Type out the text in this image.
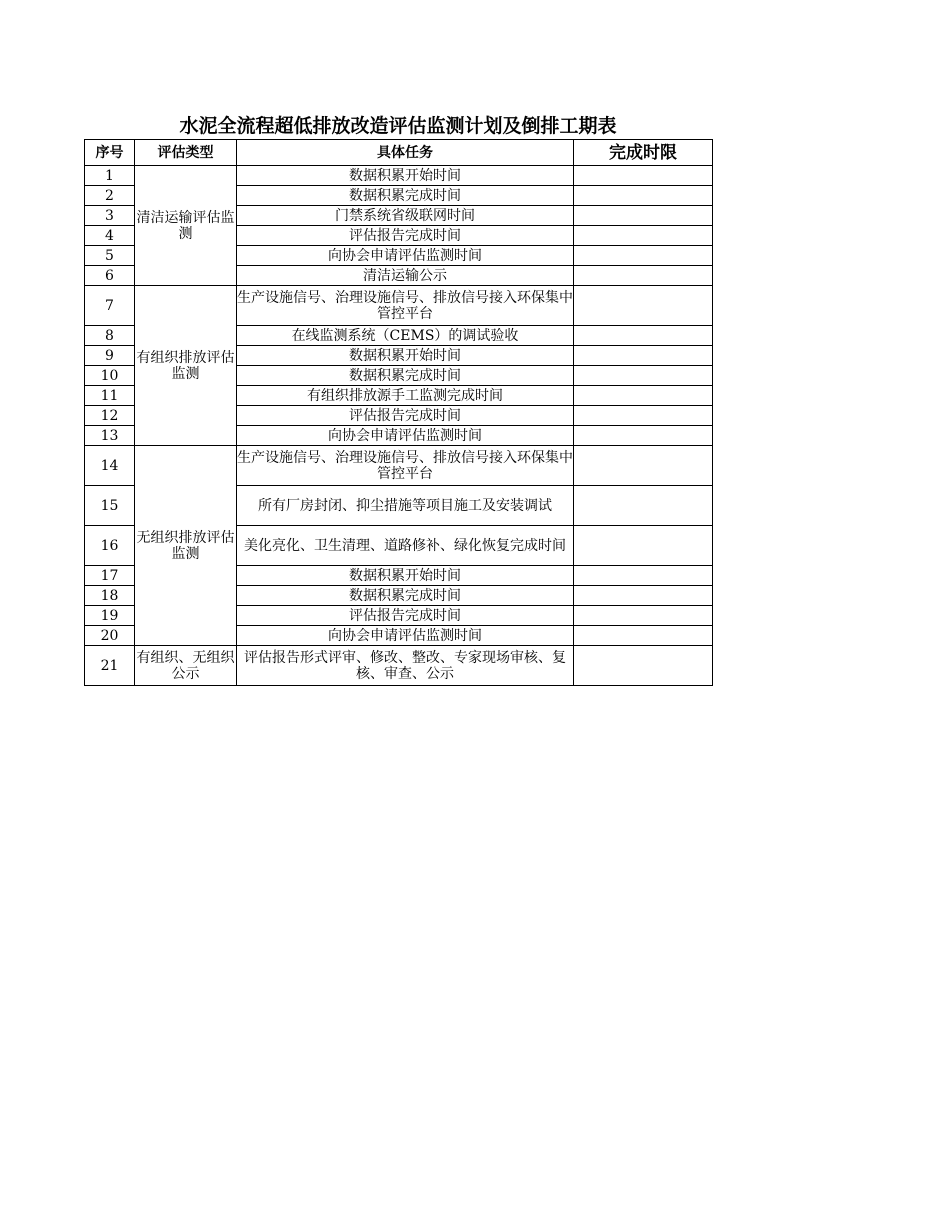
水泥全流程超低排放改造评估监测计划及倒排工期表
序号	评估类型	具体任务	完成时限
1	清洁运输评估监测	数据积累开始时间	
2		数据积累完成时间	
3		门禁系统省级联网时间	
4		评估报告完成时间	
5		向协会申请评估监测时间	
6		清洁运输公示	
7	有组织排放评估监测	生产设施信号、治理设施信号、排放信号接入环保集中管控平台	
8		在线监测系统（CEMS）的调试验收	
9		数据积累开始时间	
10		数据积累完成时间	
11		有组织排放源手工监测完成时间	
12		评估报告完成时间	
13		向协会申请评估监测时间	
14	无组织排放评估监测	生产设施信号、治理设施信号、排放信号接入环保集中管控平台	
15		所有厂房封闭、抑尘措施等项目施工及安装调试	
16		美化亮化、卫生清理、道路修补、绿化恢复完成时间	
17		数据积累开始时间	
18		数据积累完成时间	
19		评估报告完成时间	
20		向协会申请评估监测时间	
21	有组织、无组织公示	评估报告形式评审、修改、整改、专家现场审核、复核、审查、公示	
